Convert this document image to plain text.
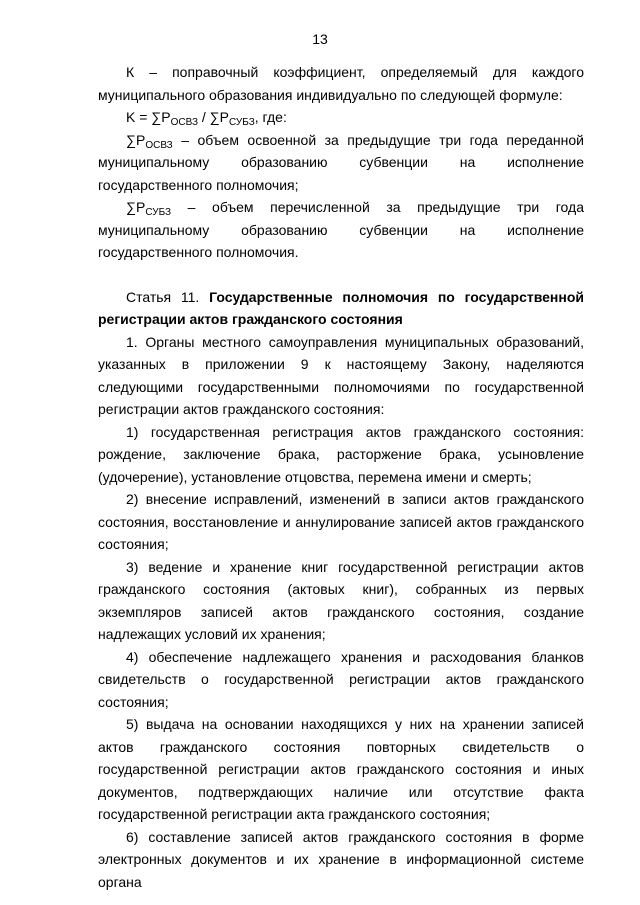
13

К – поправочный коэффициент, определяемый для каждого муниципального образования индивидуально по следующей формуле:

$K = \sum P_{ОСВЗ} / \sum P_{СУБЗ}$, где:

$\sum P_{ОСВЗ}$ – объем освоенной за предыдущие три года переданной муниципальному образованию субвенции на исполнение государственного полномочия;

$\sum P_{СУБЗ}$ – объем перечисленной за предыдущие три года муниципальному образованию субвенции на исполнение государственного полномочия.

Статья 11. Государственные полномочия по государственной регистрации актов гражданского состояния

1. Органы местного самоуправления муниципальных образований, указанных в приложении 9 к настоящему Закону, наделяются следующими государственными полномочиями по государственной регистрации актов гражданского состояния:

1) государственная регистрация актов гражданского состояния: рождение, заключение брака, расторжение брака, усыновление (удочерение), установление отцовства, перемена имени и смерть;

2) внесение исправлений, изменений в записи актов гражданского состояния, восстановление и аннулирование записей актов гражданского состояния;

3) ведение и хранение книг государственной регистрации актов гражданского состояния (актовых книг), собранных из первых экземпляров записей актов гражданского состояния, создание надлежащих условий их хранения;

4) обеспечение надлежащего хранения и расходования бланков свидетельств о государственной регистрации актов гражданского состояния;

5) выдача на основании находящихся у них на хранении записей актов гражданского состояния повторных свидетельств о государственной регистрации актов гражданского состояния и иных документов, подтверждающих наличие или отсутствие факта государственной регистрации акта гражданского состояния;

6) составление записей актов гражданского состояния в форме электронных документов и их хранение в информационной системе органа
